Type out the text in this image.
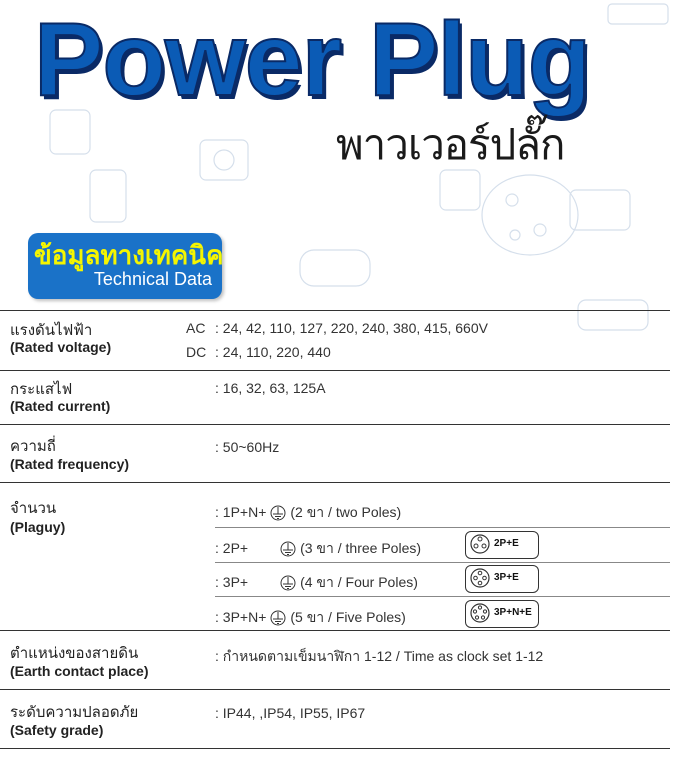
Power Plug
พาวเวอร์ปลั๊ก
ข้อมูลทางเทคนิค
Technical Data
แรงดันไฟฟ้า
(Rated voltage)
AC : 24, 42, 110, 127, 220, 240, 380, 415, 660V
DC : 24, 110, 220, 440
กระแสไฟ
(Rated current)
: 16, 32, 63, 125A
ความถี่
(Rated frequency)
: 50~60Hz
จำนวน
(Plaguy)
: 1P+N+ (2 ขา / two Poles)
: 2P+	(3 ขา / three Poles)	2P+E
: 3P+	(4 ขา / Four Poles)	3P+E
: 3P+N+ (5 ขา / Five Poles)	3P+N+E
ตำแหน่งของสายดิน
(Earth contact place)
: กำหนดตามเข็มนาฬิกา 1-12 / Time as clock set 1-12
ระดับความปลอดภัย
(Safety grade)
: IP44, ,IP54, IP55, IP67
